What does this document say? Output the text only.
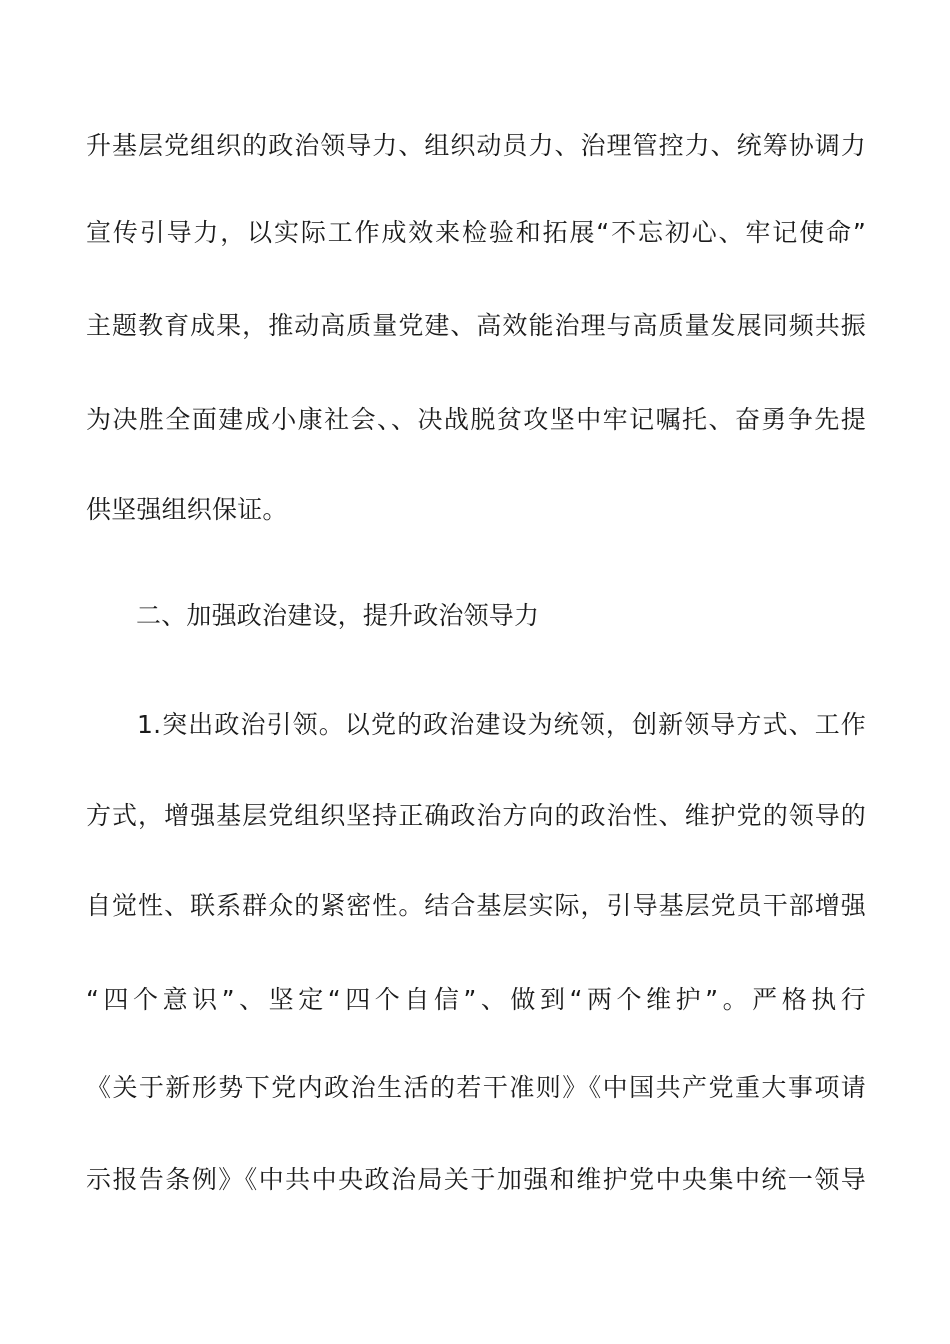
升基层党组织的政治领导力、组织动员力、治理管控力、统筹协调力
宣传引导力，以实际工作成效来检验和拓展“不忘初心、牢记使命”
主题教育成果，推动高质量党建、高效能治理与高质量发展同频共振
为决胜全面建成小康社会、、决战脱贫攻坚中牢记嘱托、奋勇争先提
供坚强组织保证。
二、加强政治建设，提升政治领导力
1.突出政治引领。以党的政治建设为统领，创新领导方式、工作
方式，增强基层党组织坚持正确政治方向的政治性、维护党的领导的
自觉性、联系群众的紧密性。结合基层实际，引导基层党员干部增强
“四个意识”、坚定“四个自信”、做到“两个维护”。严格执行
《关于新形势下党内政治生活的若干准则》《中国共产党重大事项请
示报告条例》《中共中央政治局关于加强和维护党中央集中统一领导
